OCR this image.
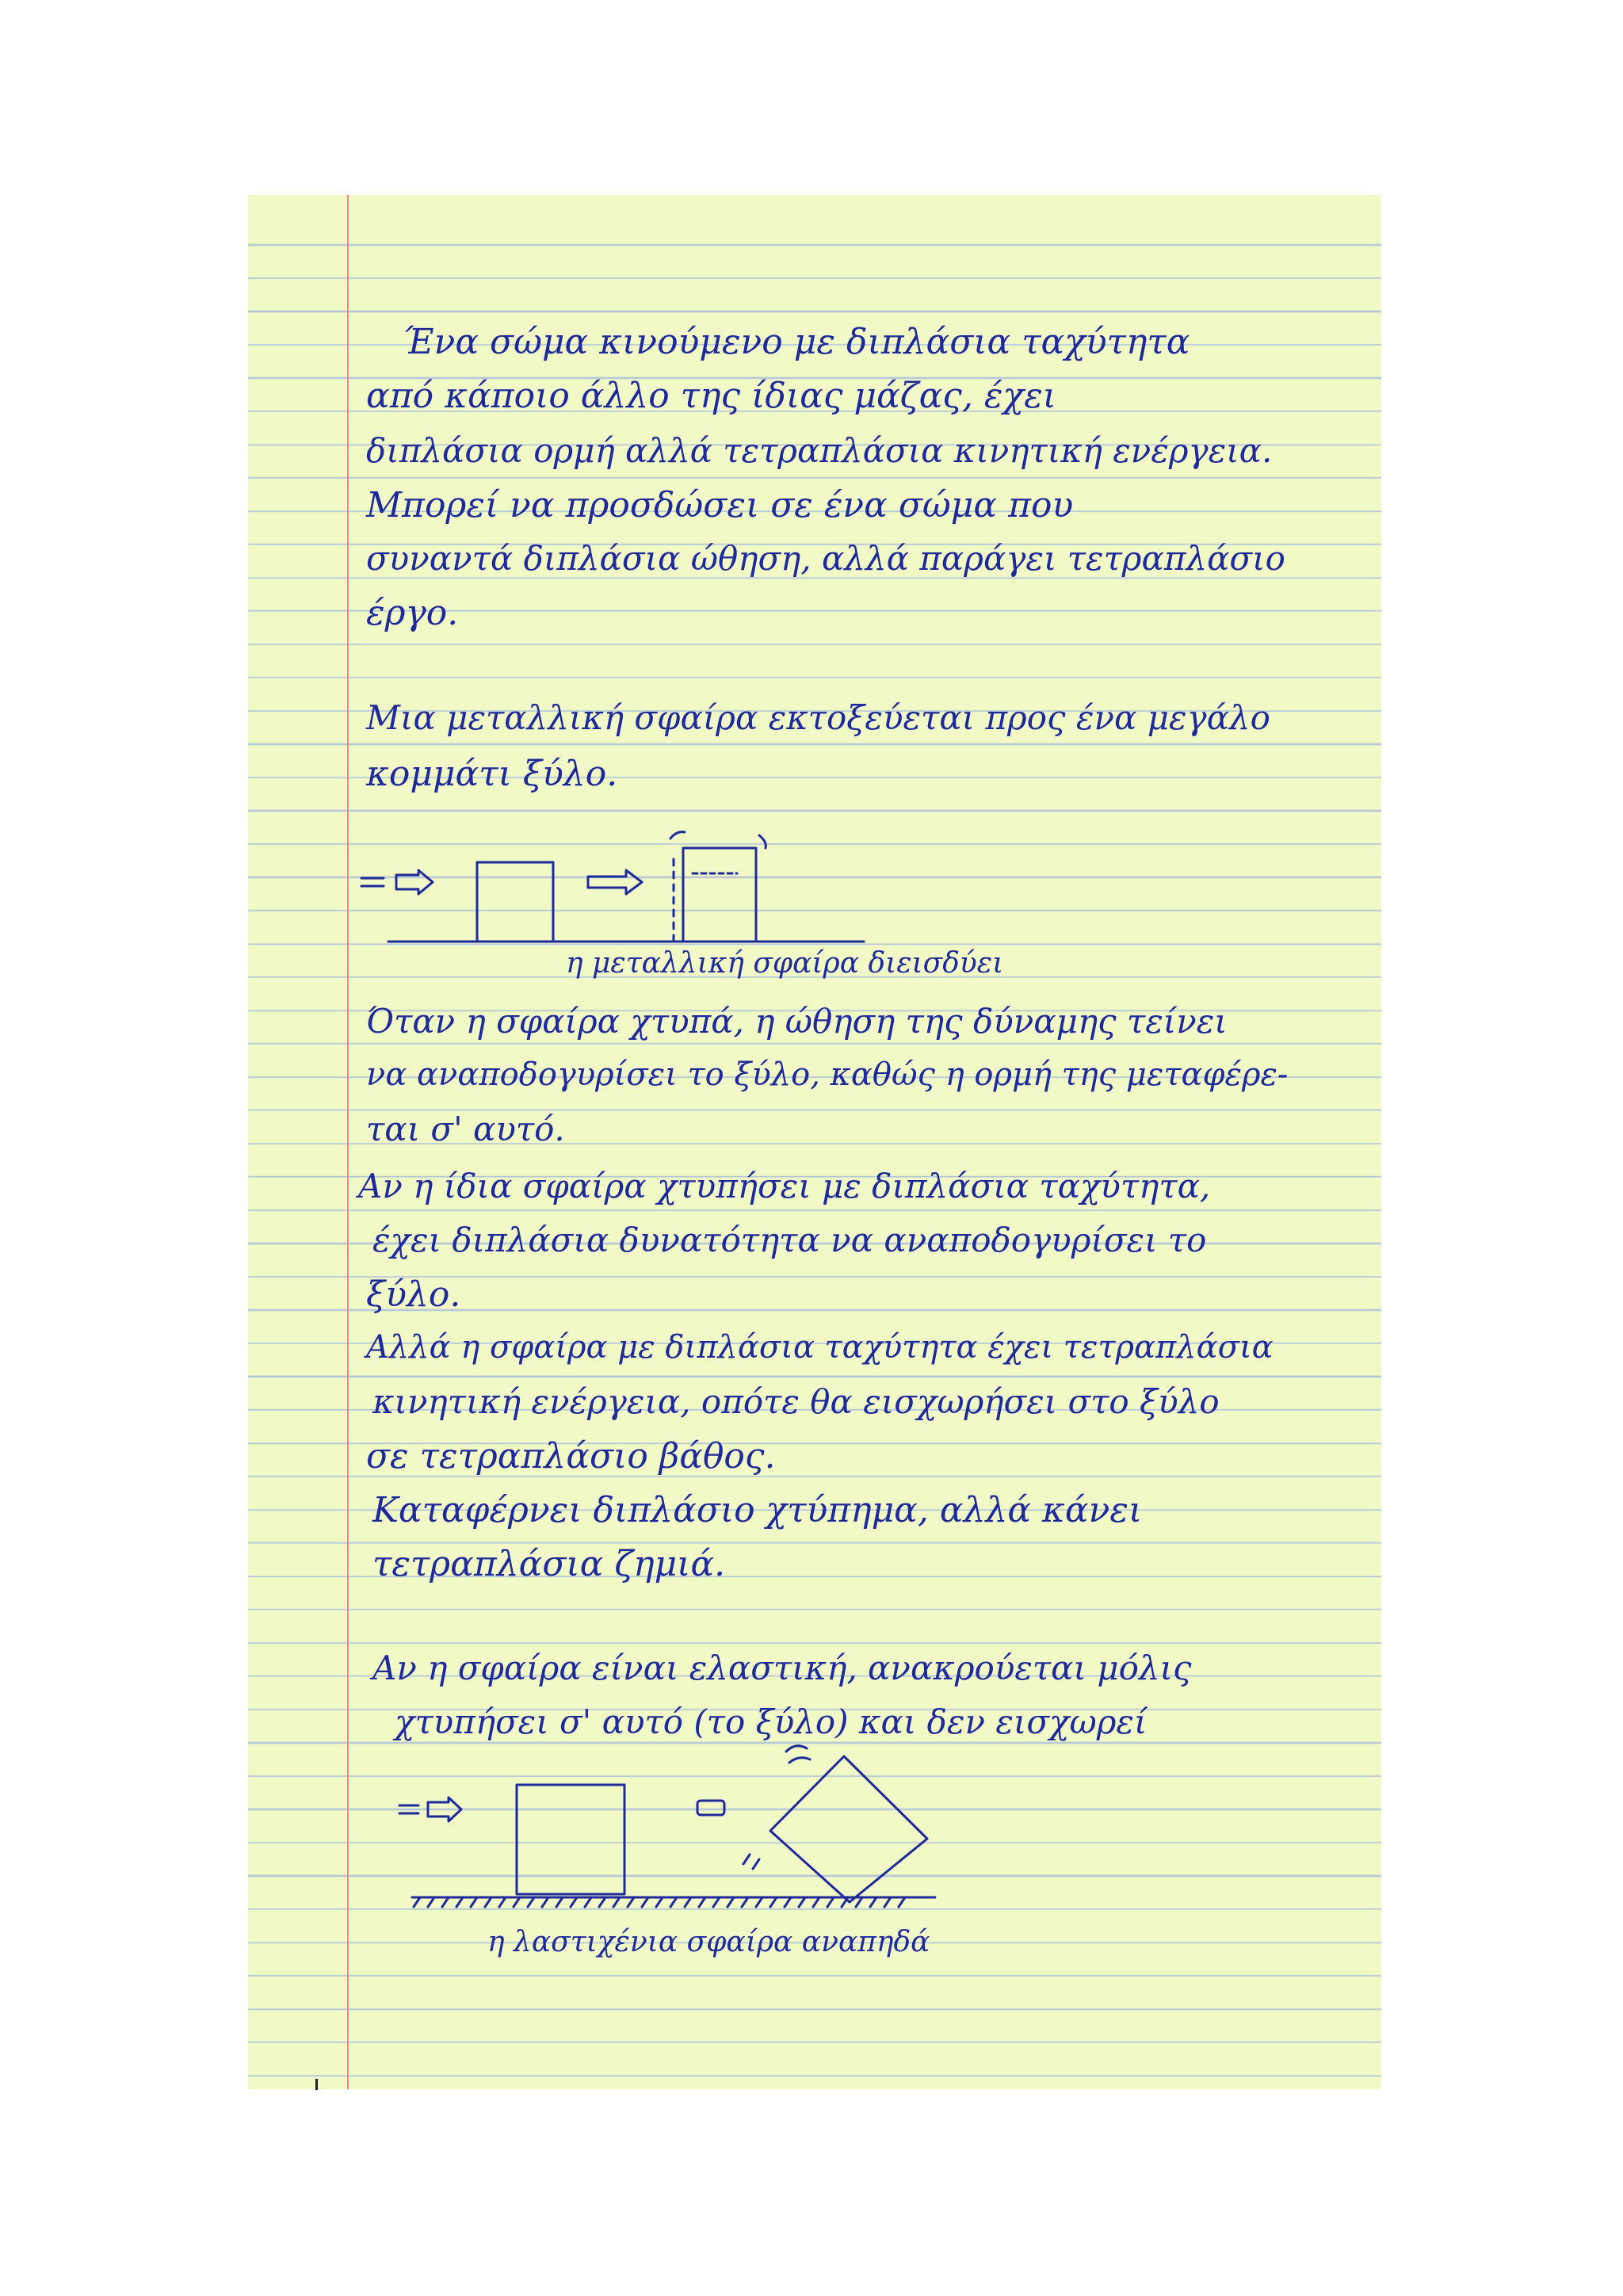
Ένα σώμα κινούμενο με διπλάσια ταχύτητα
από κάποιο άλλο της ίδιας μάζας, έχει
διπλάσια ορμή αλλά τετραπλάσια κινητική ενέργεια.
Μπορεί να προσδώσει σε ένα σώμα που
συναντά διπλάσια ώθηση, αλλά παράγει τετραπλάσιο
έργο.
Μια μεταλλική σφαίρα εκτοξεύεται προς ένα μεγάλο
κομμάτι ξύλο.
η μεταλλική σφαίρα διεισδύει
Όταν η σφαίρα χτυπά, η ώθηση της δύναμης τείνει
να αναποδογυρίσει το ξύλο, καθώς η ορμή της μεταφέρε-
ται σ' αυτό.
Αν η ίδια σφαίρα χτυπήσει με διπλάσια ταχύτητα,
έχει διπλάσια δυνατότητα να αναποδογυρίσει το
ξύλο.
Αλλά η σφαίρα με διπλάσια ταχύτητα έχει τετραπλάσια
κινητική ενέργεια, οπότε θα εισχωρήσει στο ξύλο
σε τετραπλάσιο βάθος.
Καταφέρνει διπλάσιο χτύπημα, αλλά κάνει
τετραπλάσια ζημιά.
Αν η σφαίρα είναι ελαστική, ανακρούεται μόλις
χτυπήσει σ' αυτό (το ξύλο) και δεν εισχωρεί
η λαστιχένια σφαίρα αναπηδά
